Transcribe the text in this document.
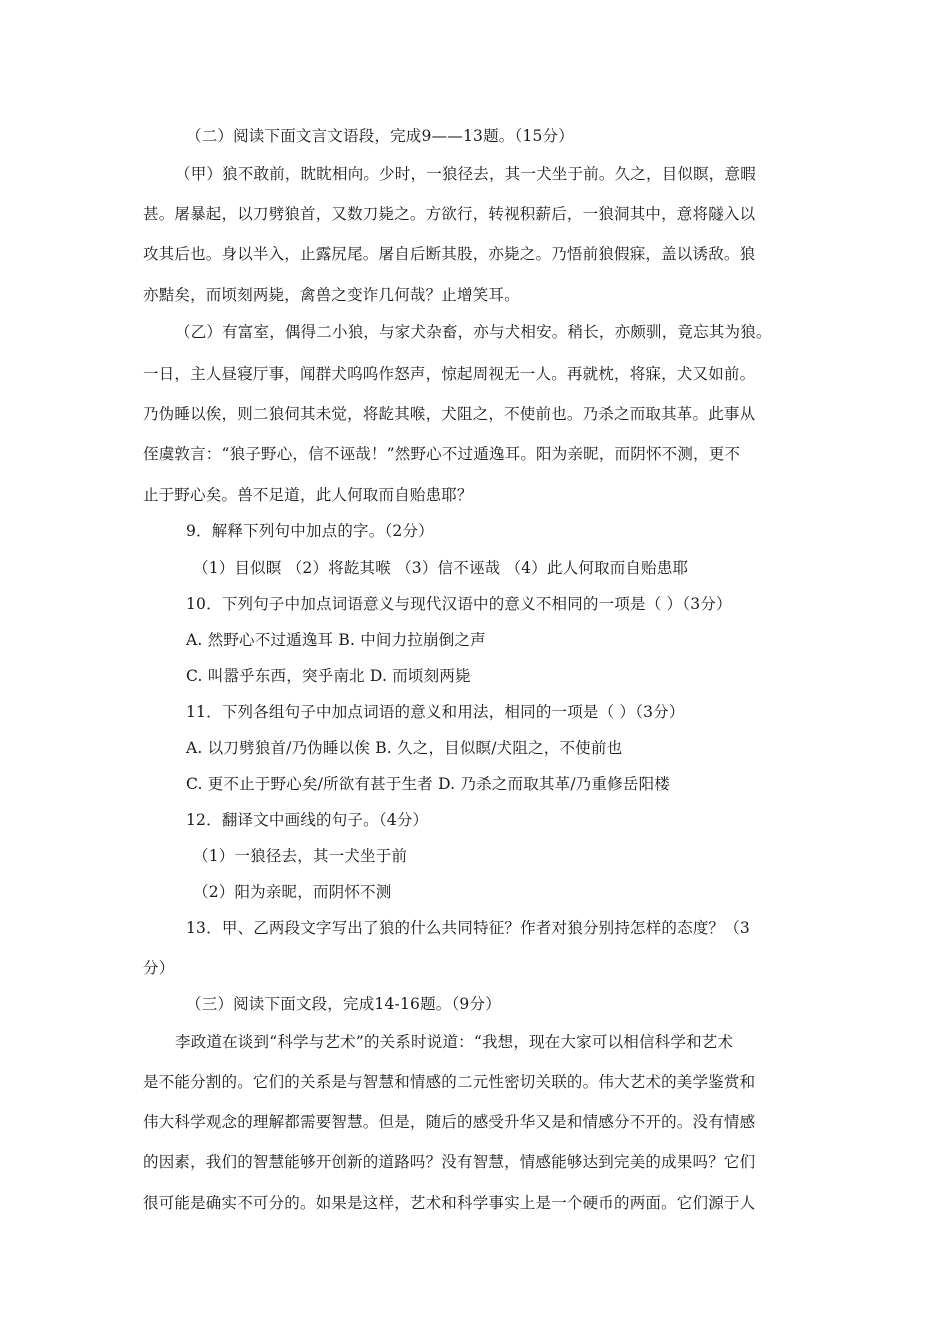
（二）阅读下面文言文语段，完成9——13题。（15分）
（甲）狼不敢前，眈眈相向。少时，一狼径去，其一犬坐于前。久之，目似瞑，意暇
甚。屠暴起，以刀劈狼首，又数刀毙之。方欲行，转视积薪后，一狼洞其中，意将隧入以
攻其后也。身以半入，止露尻尾。屠自后断其股，亦毙之。乃悟前狼假寐，盖以诱敌。狼
亦黠矣，而顷刻两毙，禽兽之变诈几何哉？止增笑耳。
（乙）有富室，偶得二小狼，与家犬杂畜，亦与犬相安。稍长，亦颇驯，竟忘其为狼。
一日，主人昼寝厅事，闻群犬呜呜作怒声，惊起周视无一人。再就枕，将寐，犬又如前。
乃伪睡以俟，则二狼伺其未觉，将龁其喉，犬阻之，不使前也。乃杀之而取其革。此事从
侄虞敦言：“狼子野心，信不诬哉！”然野心不过遁逸耳。阳为亲昵，而阴怀不测，更不
止于野心矣。兽不足道，此人何取而自贻患耶？
9．解释下列句中加点的字。（2分）
（1）目似瞑 （2）将龁其喉 （3）信不诬哉 （4）此人何取而自贻患耶
10．下列句子中加点词语意义与现代汉语中的意义不相同的一项是（ ）（3分）
A. 然野心不过遁逸耳 B. 中间力拉崩倒之声
C. 叫嚣乎东西，突乎南北 D. 而顷刻两毙
11．下列各组句子中加点词语的意义和用法，相同的一项是（ ）（3分）
A. 以刀劈狼首/乃伪睡以俟 B. 久之，目似瞑/犬阻之，不使前也
C. 更不止于野心矣/所欲有甚于生者 D. 乃杀之而取其革/乃重修岳阳楼
12．翻译文中画线的句子。（4分）
（1）一狼径去，其一犬坐于前
（2）阳为亲昵，而阴怀不测
13．甲、乙两段文字写出了狼的什么共同特征？作者对狼分别持怎样的态度？（3
分）
（三）阅读下面文段，完成14-16题。（9分）
李政道在谈到“科学与艺术”的关系时说道：“我想，现在大家可以相信科学和艺术
是不能分割的。它们的关系是与智慧和情感的二元性密切关联的。伟大艺术的美学鉴赏和
伟大科学观念的理解都需要智慧。但是，随后的感受升华又是和情感分不开的。没有情感
的因素，我们的智慧能够开创新的道路吗？没有智慧，情感能够达到完美的成果吗？它们
很可能是确实不可分的。如果是这样，艺术和科学事实上是一个硬币的两面。它们源于人
